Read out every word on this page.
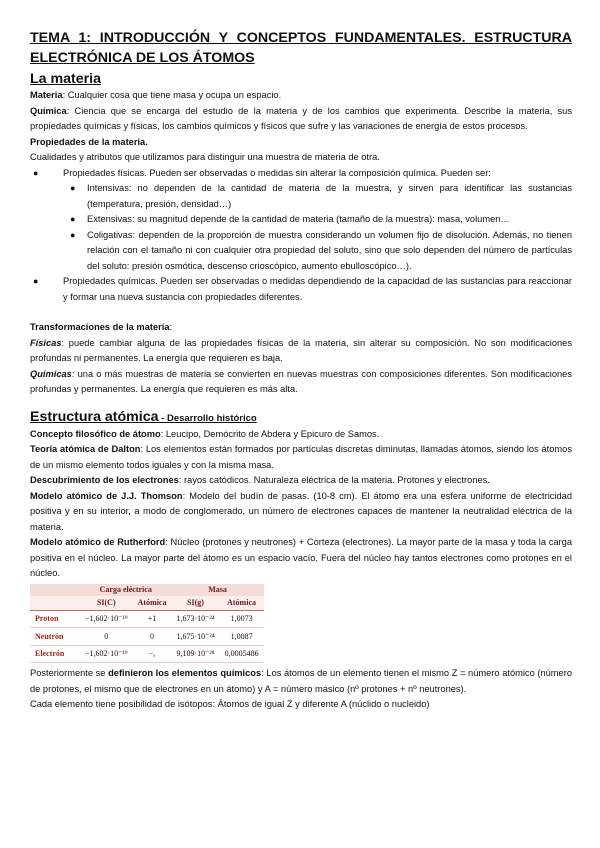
TEMA 1: INTRODUCCIÓN Y CONCEPTOS FUNDAMENTALES. ESTRUCTURA ELECTRÓNICA DE LOS ÁTOMOS
La materia

Materia: Cualquier cosa que tiene masa y ocupa un espacio.

Química: Ciencia que se encarga del estudio de la materia y de los cambios que experimenta. Describe la materia, sus propiedades químicas y físicas, los cambios químicos y físicos que sufre y las variaciones de energía de estos procesos.

Propiedades de la materia.

Cualidades y atributos que utilizamos para distinguir una muestra de materia de otra.

●	Propiedades físicas. Pueden ser observadas o medidas sin alterar la composición química. Pueden ser:
● Intensivas: no dependen de la cantidad de materia de la muestra, y sirven para identificar las sustancias (temperatura, presión, densidad…)
● Extensivas: su magnitud depende de la cantidad de materia (tamaño de la muestra): masa, volumen…
● Coligativas: dependen de la proporción de muestra considerando un volumen fijo de disolución. Además, no tienen relación con el tamaño ni con cualquier otra propiedad del soluto, sino que solo dependen del número de partículas del soluto: presión osmótica, descenso crioscópico, aumento ebulloscópico…).
●	Propiedades químicas. Pueden ser observadas o medidas dependiendo de la capacidad de las sustancias para reaccionar y formar una nueva sustancia con propiedades diferentes.

Transformaciones de la materia:

Físicas: puede cambiar alguna de las propiedades físicas de la materia, sin alterar su composición. No son modificaciones profundas ni permanentes. La energía que requieren es baja.

Químicas: una o más muestras de materia se convierten en nuevas muestras con composiciones diferentes. Son modificaciones profundas y permanentes. La energía que requieren es más alta.

Estructura atómica - Desarrollo histórico

Concepto filosófico de átomo: Leucipo, Demócrito de Abdera y Epicuro de Samos.

Teoría atómica de Dalton: Los elementos están formados por partículas discretas diminutas, llamadas átomos, siendo los átomos de un mismo elemento todos iguales y con la misma masa.

Descubrimiento de los electrones: rayos catódicos. Naturaleza eléctrica de la materia. Protones y electrones.

Modelo atómico de J.J. Thomson: Modelo del budín de pasas. (10-8 cm). El átomo era una esfera uniforme de electricidad positiva y en su interior, a modo de conglomerado, un número de electrones capaces de mantener la neutralidad eléctrica de la materia.

Modelo atómico de Rutherford: Núcleo (protones y neutrones) + Corteza (electrones). La mayor parte de la masa y toda la carga positiva en el núcleo. La mayor parte del átomo es un espacio vacío. Fuera del núcleo hay tantos electrones como protones en el núcleo.

	Carga eléctrica		Masa	
	SI(C)	Atómica	SI(g)	Atómica
Proton	−1,602·10⁻¹⁹	+1	1,673·10⁻²⁴	1,0073
Neutrón	0	0	1,675·10⁻²⁴	1,0087
Electrón	−1,602·10⁻¹⁹	−,	9,109·10⁻²⁸	0,0005486

Posteriormente se definieron los elementos químicos: Los átomos de un elemento tienen el mismo Z = número atómico (número de protones, el mismo que de electrones en un átomo) y A = número másico (nº protones + nº neutrones).

Cada elemento tiene posibilidad de isótopos: Átomos de igual Z y diferente A (núclido o nucleido)
